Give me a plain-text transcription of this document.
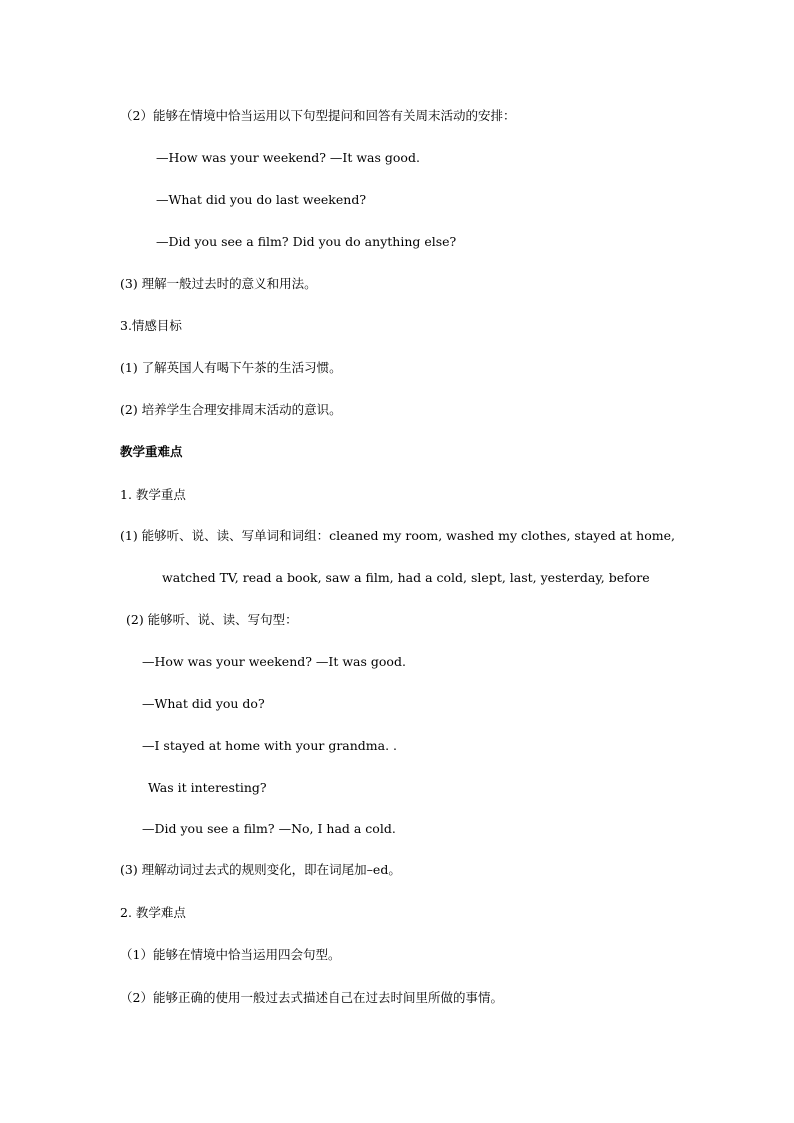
（2）能够在情境中恰当运用以下句型提问和回答有关周末活动的安排：
—How was your weekend? —It was good.
—What did you do last weekend?
—Did you see a film? Did you do anything else?
(3) 理解一般过去时的意义和用法。
3.情感目标
(1) 了解英国人有喝下午茶的生活习惯。
(2) 培养学生合理安排周末活动的意识。
教学重难点
1. 教学重点
(1) 能够听、说、读、写单词和词组：cleaned my room, washed my clothes, stayed at home,
watched TV, read a book, saw a film, had a cold, slept, last, yesterday, before
(2) 能够听、说、读、写句型：
—How was your weekend? —It was good.
—What did you do?
—I stayed at home with your grandma. .
Was it interesting?
—Did you see a film? —No, I had a cold.
(3) 理解动词过去式的规则变化，即在词尾加–ed。
2. 教学难点
（1）能够在情境中恰当运用四会句型。
（2）能够正确的使用一般过去式描述自己在过去时间里所做的事情。
